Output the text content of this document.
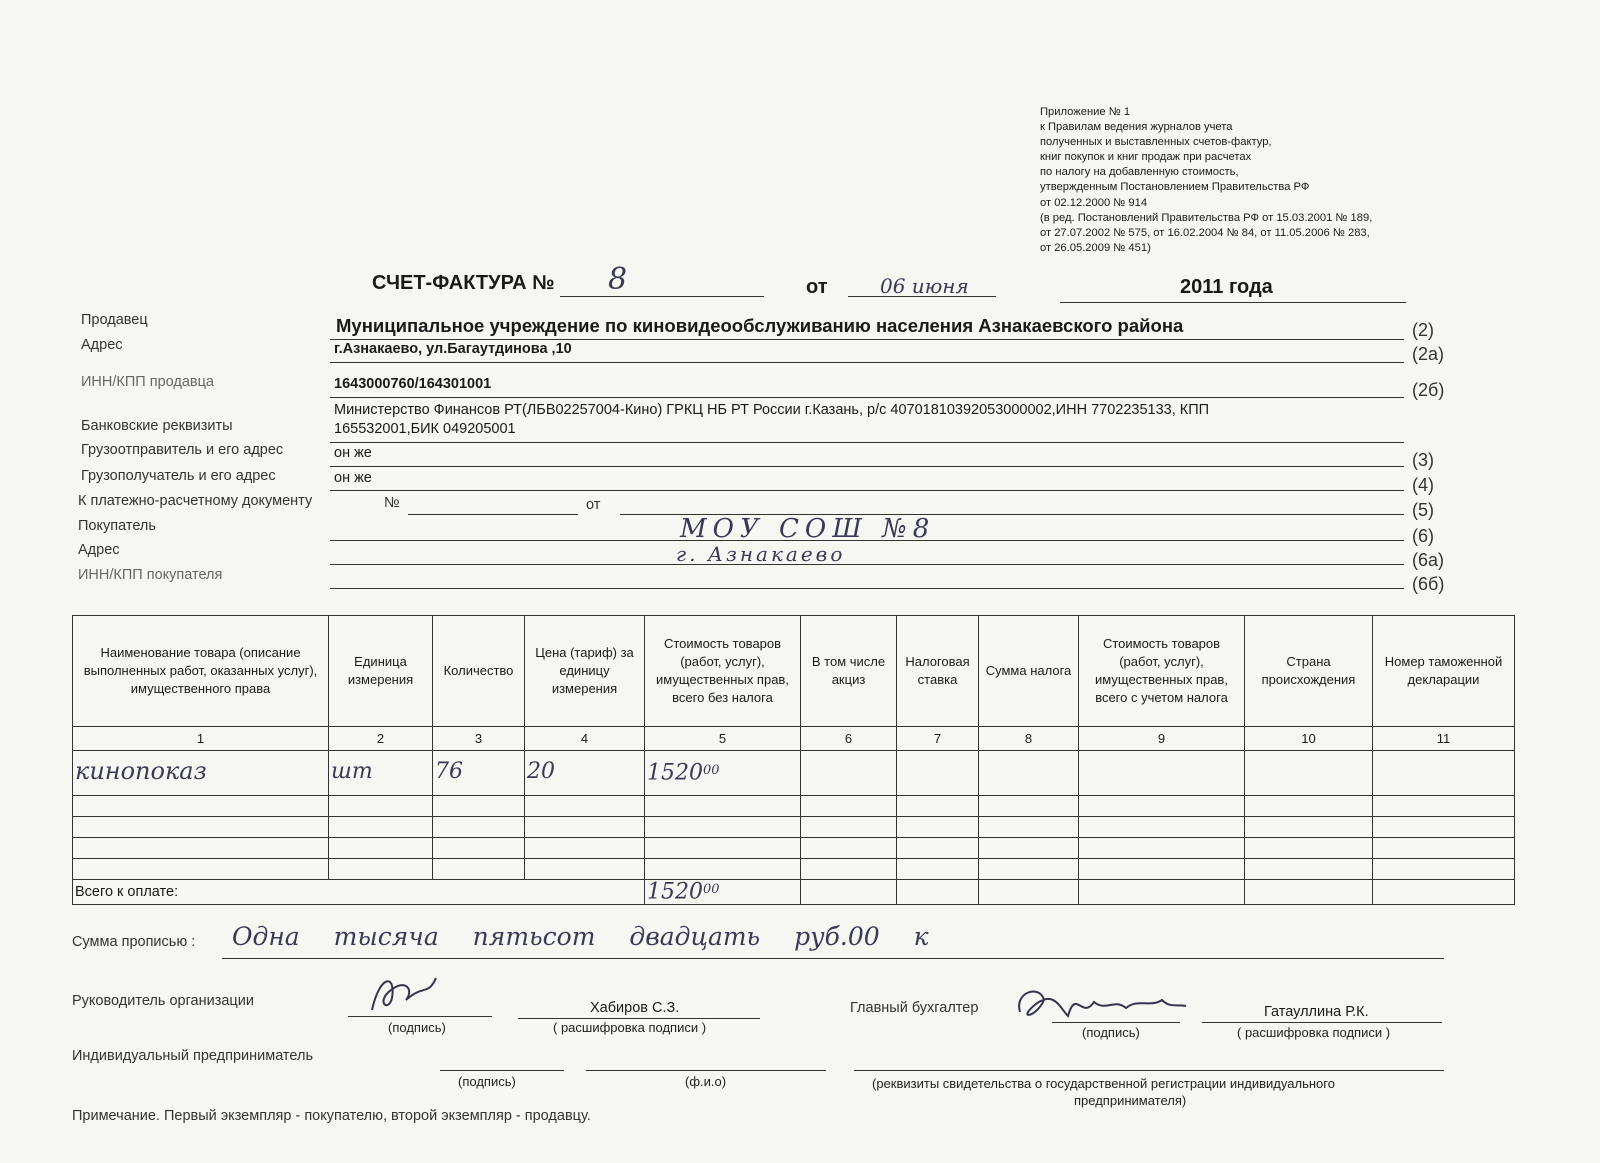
Приложение № 1
к Правилам ведения журналов учета
полученных и выставленных счетов-фактур,
книг покупок и книг продаж при расчетах
по налогу на добавленную стоимость,
утвержденным Постановлением Правительства РФ
от 02.12.2000 № 914
(в ред. Постановлений Правительства РФ от 15.03.2001 № 189,
от 27.07.2002 № 575, от 16.02.2004 № 84, от 11.05.2006 № 283,
от 26.05.2009 № 451)
СЧЕТ-ФАКТУРА № 8	от	06 июня	2011 года
Продавец	Муниципальное учреждение по киновидеообслуживанию населения Азнакаевского района	(2)
Адрес	г.Азнакаево, ул.Багаутдинова ,10	(2а)
ИНН/КПП продавца	1643000760/164301001	(2б)
Банковские реквизиты
Министерство Финансов РТ(ЛБВ02257004-Кино) ГРКЦ НБ РТ России г.Казань, р/с 40701810392053000002,ИНН 7702235133, КПП
165532001,БИК 049205001
Грузоотправитель и его адрес	он же	(3)
Грузополучатель и его адрес	он же	(4)
К платежно-расчетному документу	№	от	(5)
Покупатель	МОУ СОШ №8	(6)
Адрес	г. Азнакаево	(6а)
ИНН/КПП покупателя	(6б)
Наименование товара (описание выполненных работ, оказанных услуг), имущественного права	Единица измерения	Количество	Цена (тариф) за единицу измерения	Стоимость товаров (работ, услуг), имущественных прав, всего без налога	В том числе акциз	Налоговая ставка	Сумма налога	Стоимость товаров (работ, услуг), имущественных прав, всего с учетом налога	Страна происхождения	Номер таможенной декларации
1	2	3	4	5	6	7	8	9	10	11
кинопоказ	шт	76	20	1520$^{00}$						

Всего к оплате:				1520$^{00}$						
Сумма прописью : Одна тысяча пятьсот двадцать руб.00 к
Руководитель организации
(подпись)
Хабиров С.З.
( расшифровка подписи )
Главный бухгалтер
(подпись)
Гатауллина Р.К.
( расшифровка подписи )
Индивидуальный предприниматель
(подпись)	(ф.и.о)	(реквизиты свидетельства о государственной регистрации индивидуального
предпринимателя)
Примечание. Первый экземпляр - покупателю, второй экземпляр - продавцу.
